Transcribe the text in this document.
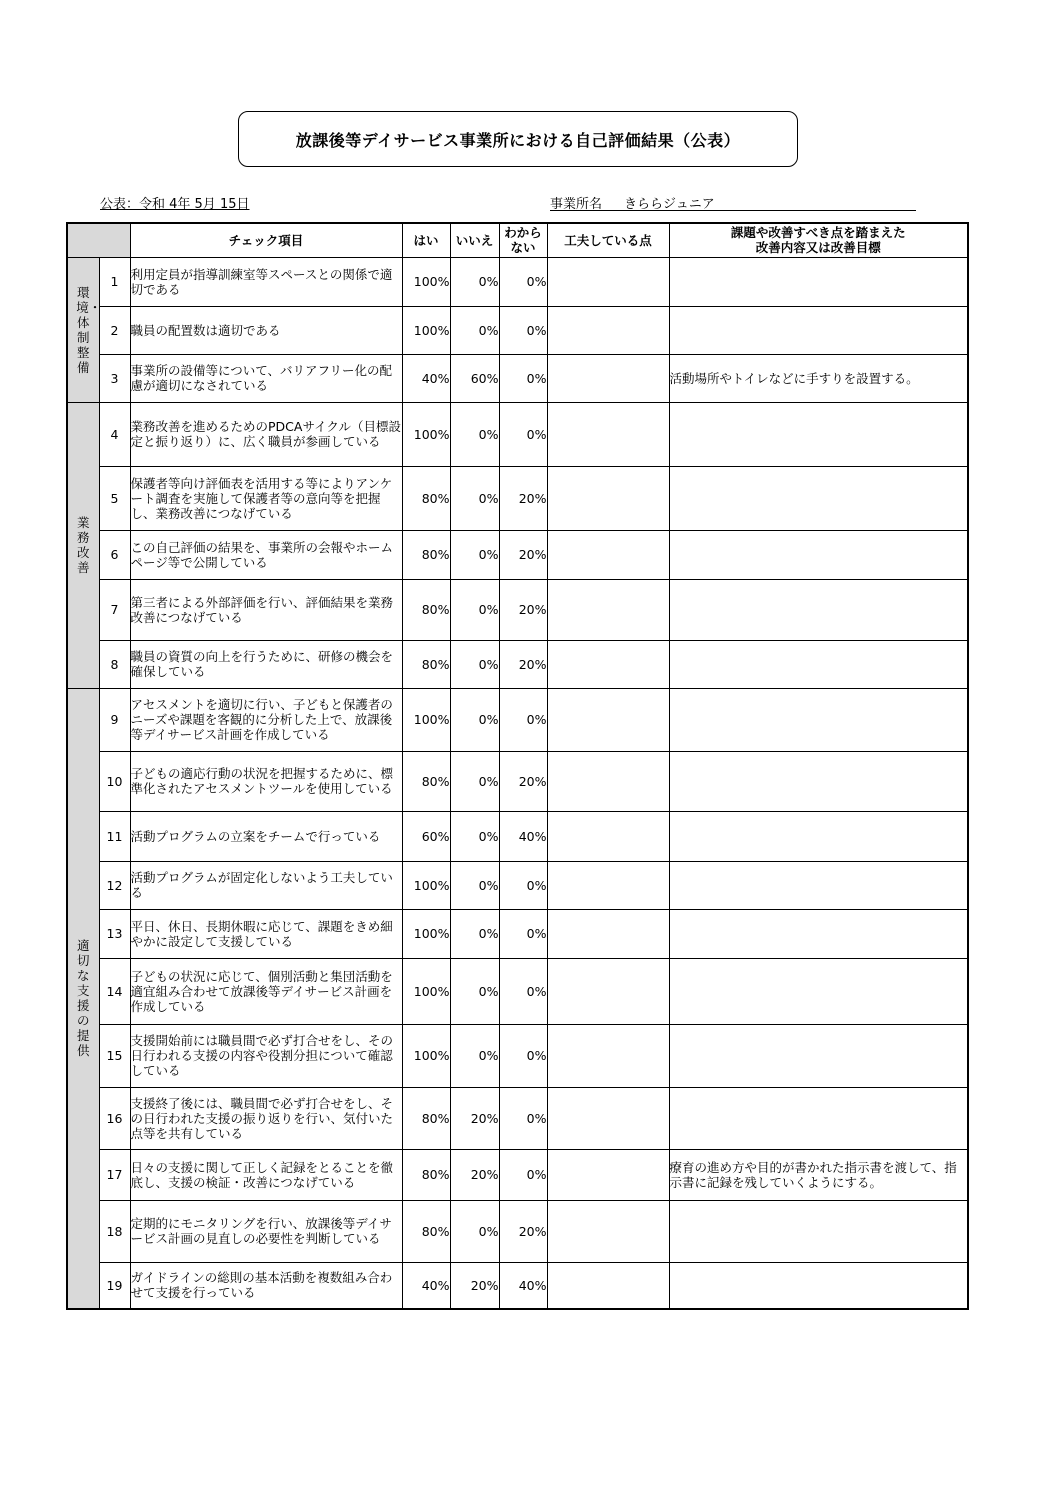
放課後等デイサービス事業所における自己評価結果（公表）
公表：令和 4年 5月 15日	事業所名 きららジュニア
		チェック項目	はい	いいえ	わからない	工夫している点	課題や改善すべき点を踏まえた
改善内容又は改善目標

環境・体制整備	1	利用定員が指導訓練室等スペースとの関係で適切である	100%	0%	0%		
	2	職員の配置数は適切である	100%	0%	0%		
	3	事業所の設備等について、バリアフリー化の配慮が適切になされている	40%	60%	0%		活動場所やトイレなどに手すりを設置する。

業務改善	4	業務改善を進めるためのPDCAサイクル（目標設定と振り返り）に、広く職員が参画している	100%	0%	0%		
	5	保護者等向け評価表を活用する等によりアンケート調査を実施して保護者等の意向等を把握し、業務改善につなげている	80%	0%	20%		
	6	この自己評価の結果を、事業所の会報やホームページ等で公開している	80%	0%	20%		
	7	第三者による外部評価を行い、評価結果を業務改善につなげている	80%	0%	20%		
	8	職員の資質の向上を行うために、研修の機会を確保している	80%	0%	20%		

適切な支援の提供	9	アセスメントを適切に行い、子どもと保護者のニーズや課題を客観的に分析した上で、放課後等デイサービス計画を作成している	100%	0%	0%		
	10	子どもの適応行動の状況を把握するために、標準化されたアセスメントツールを使用している	80%	0%	20%		
	11	活動プログラムの立案をチームで行っている	60%	0%	40%		
	12	活動プログラムが固定化しないよう工夫している	100%	0%	0%		
	13	平日、休日、長期休暇に応じて、課題をきめ細やかに設定して支援している	100%	0%	0%		
	14	子どもの状況に応じて、個別活動と集団活動を適宜組み合わせて放課後等デイサービス計画を作成している	100%	0%	0%		
	15	支援開始前には職員間で必ず打合せをし、その日行われる支援の内容や役割分担について確認している	100%	0%	0%		
	16	支援終了後には、職員間で必ず打合せをし、その日行われた支援の振り返りを行い、気付いた点等を共有している	80%	20%	0%		
	17	日々の支援に関して正しく記録をとることを徹底し、支援の検証・改善につなげている	80%	20%	0%		療育の進め方や目的が書かれた指示書を渡して、指示書に記録を残していくようにする。
	18	定期的にモニタリングを行い、放課後等デイサービス計画の見直しの必要性を判断している	80%	0%	20%		
	19	ガイドラインの総則の基本活動を複数組み合わせて支援を行っている	40%	20%	40%		
